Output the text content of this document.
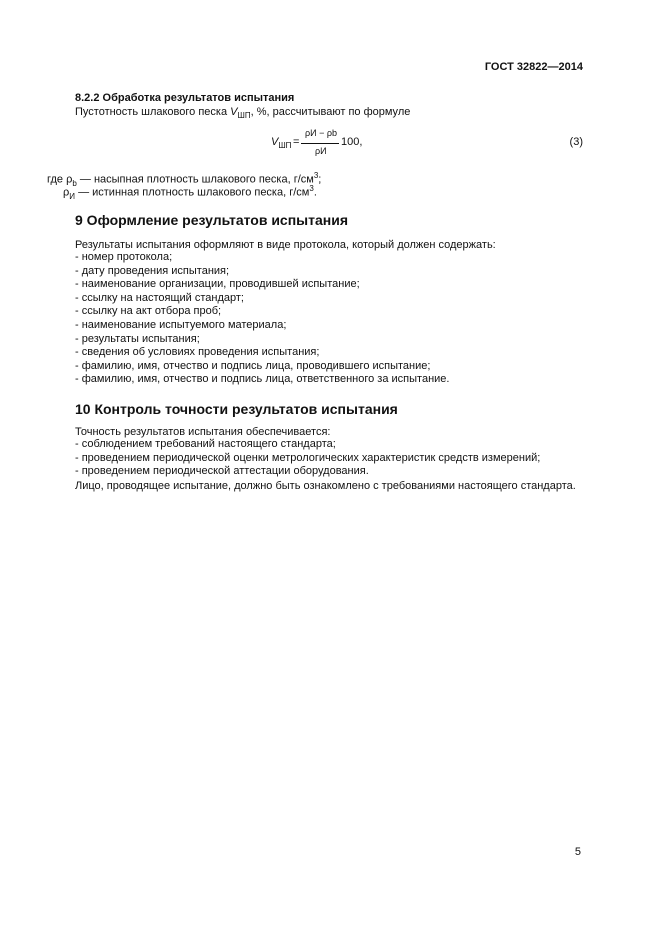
ГОСТ 32822—2014
8.2.2 Обработка результатов испытания
Пустотность шлакового песка $V_{ШП}$, %, рассчитывают по формуле
$V_{ШП}$ =
ρИ − ρb
ρИ
100,	(3)
где $\rho_b$ — насыпная плотность шлакового песка, $г/см^3$;
$\rho_И$ — истинная плотность шлакового песка, $г/см^3$.
9 Оформление результатов испытания
Результаты испытания оформляют в виде протокола, который должен содержать:
- номер протокола;
- дату проведения испытания;
- наименование организации, проводившей испытание;
- ссылку на настоящий стандарт;
- ссылку на акт отбора проб;
- наименование испытуемого материала;
- результаты испытания;
- сведения об условиях проведения испытания;
- фамилию, имя, отчество и подпись лица, проводившего испытание;
- фамилию, имя, отчество и подпись лица, ответственного за испытание.
10 Контроль точности результатов испытания
Точность результатов испытания обеспечивается:
- соблюдением требований настоящего стандарта;
- проведением периодической оценки метрологических характеристик средств измерений;
- проведением периодической аттестации оборудования.
Лицо, проводящее испытание, должно быть ознакомлено с требованиями настоящего стандарта.
5
